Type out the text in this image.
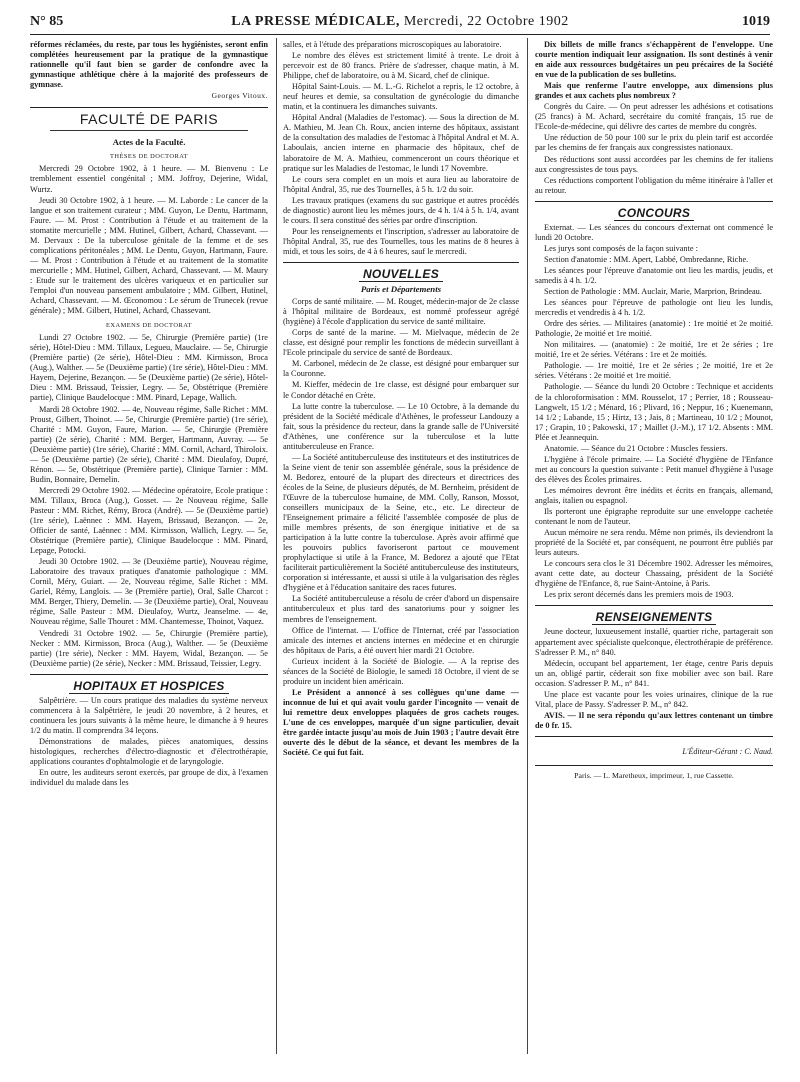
N° 85	LA PRESSE MÉDICALE, Mercredi, 22 Octobre 1902	1019

réformes réclamées, du reste, par tous les hygiénistes, seront enfin complétées heureusement par la pratique de la gymnastique rationnelle qu'il faut bien se garder de confondre avec la gymnastique athlétique chère à la majorité des professeurs de gymnase.

Georges Vitoux.
FACULTÉ DE PARIS
Actes de la Faculté.
THÈSES DE DOCTORAT

Mercredi 29 Octobre 1902, à 1 heure. — M. Bienvenu : Le tremblement essentiel congénital ; MM. Joffroy, Dejerine, Widal, Wurtz.

Jeudi 30 Octobre 1902, à 1 heure. — M. Laborde : Le cancer de la langue et son traitement curateur ; MM. Guyon, Le Dentu, Hartmann, Faure. — M. Prost : Contribution à l'étude et au traitement de la stomatite mercurielle ; MM. Hutinel, Gilbert, Achard, Chassevant. — M. Dervaux : De la tuberculose génitale de la femme et de ses complications péritonéales ; MM. Le Dentu, Guyon, Hartmann, Faure. — M. Prost : Contribution à l'étude et au traitement de la stomatite mercurielle ; MM. Hutinel, Gilbert, Achard, Chassevant. — M. Maury : Etude sur le traitement des ulcères variqueux et en particulier sur l'emploi d'un nouveau pansement ambulatoire ; MM. Gilbert, Hutinel, Achard, Chassevant. — M. Œconomou : Le sérum de Trunecek (revue générale) ; MM. Gilbert, Hutinel, Achard, Chassevant.

EXAMENS DE DOCTORAT

Lundi 27 Octobre 1902. — 5e, Chirurgie (Première partie) (1re série), Hôtel-Dieu : MM. Tillaux, Legueu, Mauclaire. — 5e, Chirurgie (Première partie) (2e série), Hôtel-Dieu : MM. Kirmisson, Broca (Aug.), Walther. — 5e (Deuxième partie) (1re série), Hôtel-Dieu : MM. Hayem, Dejerine, Bezançon. — 5e (Deuxième partie) (2e série), Hôtel-Dieu : MM. Brissaud, Teissier, Legry. — 5e, Obstétrique (Première partie), Clinique Baudelocque : MM. Pinard, Lepage, Wallich.

Mardi 28 Octobre 1902. — 4e, Nouveau régime, Salle Richet : MM. Proust, Gilbert, Thoinot. — 5e, Chirurgie (Première partie) (1re série), Charité : MM. Guyon, Faure, Marion. — 5e, Chirurgie (Première partie) (2e série), Charité : MM. Berger, Hartmann, Auvray. — 5e (Deuxième partie) (1re série), Charité : MM. Cornil, Achard, Thiroloix. — 5e (Deuxième partie) (2e série), Charité : MM. Dieulafoy, Dupré, Rénon. — 5e, Obstétrique (Première partie), Clinique Tarnier : MM. Budin, Bonnaire, Demelin.

Mercredi 29 Octobre 1902. — Médecine opératoire, Ecole pratique : MM. Tillaux, Broca (Aug.), Gosset. — 2e Nouveau régime, Salle Pasteur : MM. Richet, Rémy, Broca (André). — 5e (Deuxième partie) (1re série), Laënnec : MM. Hayem, Brissaud, Bezançon. — 2e, Officier de santé, Laënnec : MM. Kirmisson, Wallich, Legry. — 5e, Obstétrique (Première partie), Clinique Baudelocque : MM. Pinard, Lepage, Potocki.

Jeudi 30 Octobre 1902. — 3e (Deuxième partie), Nouveau régime, Laboratoire des travaux pratiques d'anatomie pathologique : MM. Cornil, Méry, Guiart. — 2e, Nouveau régime, Salle Richet : MM. Gariel, Rémy, Langlois. — 3e (Première partie), Oral, Salle Charcot : MM. Berger, Thiery, Demelin. — 3e (Deuxième partie), Oral, Nouveau régime, Salle Pasteur : MM. Dieulafoy, Wurtz, Jeanselme. — 4e, Nouveau régime, Salle Thouret : MM. Chantemesse, Thoinot, Vaquez.

Vendredi 31 Octobre 1902. — 5e, Chirurgie (Première partie), Necker : MM. Kirmisson, Broca (Aug.), Walther. — 5e (Deuxième partie) (1re série), Necker : MM. Hayem, Widal, Bezançon. — 5e (Deuxième partie) (2e série), Necker : MM. Brissaud, Teissier, Legry.

HOPITAUX ET HOSPICES

Salpêtrière. — Un cours pratique des maladies du système nerveux commencera à la Salpêtrière, le jeudi 20 novembre, à 2 heures, et continuera les jours suivants à la même heure, le dimanche à 9 heures 1/2 du matin. Il comprendra 34 leçons.

Démonstrations de malades, pièces anatomiques, dessins histologiques, recherches d'électro-diagnostic et d'électrothérapie, applications courantes d'ophtalmologie et de laryngologie.

En outre, les auditeurs seront exercés, par groupe de dix, à l'examen individuel du malade dans les

salles, et à l'étude des préparations microscopiques au laboratoire.

Le nombre des élèves est strictement limité à trente. Le droit à percevoir est de 80 francs. Prière de s'adresser, chaque matin, à M. Philippe, chef de laboratoire, ou à M. Sicard, chef de clinique.

Hôpital Saint-Louis. — M. L.-G. Richelot a repris, le 12 octobre, à neuf heures et demie, sa consultation de gynécologie du dimanche matin, et la continuera les dimanches suivants.

Hôpital Andral (Maladies de l'estomac). — Sous la direction de M. A. Mathieu, M. Jean Ch. Roux, ancien interne des hôpitaux, assistant de la consultation des maladies de l'estomac à l'hôpital Andral et M. A. Laboulais, ancien interne en pharmacie des hôpitaux, chef de laboratoire de M. A. Mathieu, commenceront un cours théorique et pratique sur les Maladies de l'estomac, le lundi 17 Novembre.

Le cours sera complet en un mois et aura lieu au laboratoire de l'hôpital Andral, 35, rue des Tournelles, à 5 h. 1/2 du soir.

Les travaux pratiques (examens du suc gastrique et autres procédés de diagnostic) auront lieu les mêmes jours, de 4 h. 1/4 à 5 h. 1/4, avant le cours. Il sera constitué des séries par ordre d'inscription.

Pour les renseignements et l'inscription, s'adresser au laboratoire de l'hôpital Andral, 35, rue des Tournelles, tous les matins de 8 heures à midi, et tous les soirs, de 4 à 6 heures, sauf le mercredi.

NOUVELLES
Paris et Départements

Corps de santé militaire. — M. Rouget, médecin-major de 2e classe à l'hôpital militaire de Bordeaux, est nommé professeur agrégé (hygiène) à l'école d'application du service de santé militaire.

Corps de santé de la marine. — M. Mielvaque, médecin de 2e classe, est désigné pour remplir les fonctions de médecin surveillant à l'Ecole principale du service de santé de Bordeaux.

M. Carbonel, médecin de 2e classe, est désigné pour embarquer sur la Couronne.

M. Kieffer, médecin de 1re classe, est désigné pour embarquer sur le Condor détaché en Crète.

La lutte contre la tuberculose. — Le 10 Octobre, à la demande du président de la Société médicale d'Athènes, le professeur Landouzy a fait, sous la présidence du recteur, dans la grande salle de l'Université d'Athènes, une conférence sur la tuberculose et la lutte antituberculeuse en France.

— La Société antituberculeuse des instituteurs et des institutrices de la Seine vient de tenir son assemblée générale, sous la présidence de M. Bedorez, entouré de la plupart des directeurs et directrices des écoles de la Seine, de plusieurs députés, de M. Bernheim, président de l'Œuvre de la tuberculose humaine, de MM. Colly, Ranson, Mossot, conseillers municipaux de la Seine, etc., etc. Le directeur de l'Enseignement primaire a félicité l'assemblée composée de plus de mille membres présents, de son énergique initiative et de sa participation à la lutte contre la tuberculose. Après avoir affirmé que les pouvoirs publics favoriseront partout ce mouvement prophylactique si utile à la France, M. Bedorez a ajouté que l'Etat faciliterait particulièrement la Société antituberculeuse des instituteurs, corporation si intéressante, et aussi si utile à la vulgarisation des règles d'hygiène et à l'éducation sanitaire des races futures.

La Société antituberculeuse a résolu de créer d'abord un dispensaire antituberculeux et plus tard des sanatoriums pour y soigner les membres de l'enseignement.

Office de l'internat. — L'office de l'Internat, créé par l'association amicale des internes et anciens internes en médecine et en chirurgie des hôpitaux de Paris, a été ouvert hier mardi 21 Octobre.

Curieux incident à la Société de Biologie. — A la reprise des séances de la Société de Biologie, le samedi 18 Octobre, il vient de se produire un incident bien américain.

Le Président a annoncé à ses collègues qu'une dame — inconnue de lui et qui avait voulu garder l'incognito — venait de lui remettre deux enveloppes plaquées de gros cachets rouges. L'une de ces enveloppes, marquée d'un signe particulier, devait être gardée intacte jusqu'au mois de Juin 1903 ; l'autre devait être ouverte dès le début de la séance, et devant les membres de la Société. Ce qui fut fait.

Dix billets de mille francs s'échappèrent de l'enveloppe. Une courte mention indiquait leur assignation. Ils sont destinés à venir en aide aux ressources budgétaires un peu précaires de la Société en vue de la publication de ses bulletins.

Mais que renferme l'autre enveloppe, aux dimensions plus grandes et aux cachets plus nombreux ?

Congrès du Caire. — On peut adresser les adhésions et cotisations (25 francs) à M. Achard, secrétaire du comité français, 15 rue de l'Ecole-de-médecine, qui délivre des cartes de membre du congrès.

Une réduction de 50 pour 100 sur le prix du plein tarif est accordée par les chemins de fer français aux congressistes nationaux.

Des réductions sont aussi accordées par les chemins de fer italiens aux congressistes de tous pays.

Ces réductions comportent l'obligation du même itinéraire à l'aller et au retour.

CONCOURS

Externat. — Les séances du concours d'externat ont commencé le lundi 20 Octobre.

Les jurys sont composés de la façon suivante :

Section d'anatomie : MM. Apert, Labbé, Ombredanne, Riche.

Les séances pour l'épreuve d'anatomie ont lieu les mardis, jeudis, et samedis à 4 h. 1/2.

Section de Pathologie : MM. Auclair, Marie, Marprion, Brindeau.

Les séances pour l'épreuve de pathologie ont lieu les lundis, mercredis et vendredis à 4 h. 1/2.

Ordre des séries. — Militaires (anatomie) : 1re moitié et 2e moitié. Pathologie, 2e moitié et 1re moitié.

Non militaires. — (anatomie) : 2e moitié, 1re et 2e séries ; 1re moitié, 1re et 2e séries. Vétérans : 1re et 2e moitiés.

Pathologie. — 1re moitié, 1re et 2e séries ; 2e moitié, 1re et 2e séries. Vétérans : 2e moitié et 1re moitié.

Pathologie. — Séance du lundi 20 Octobre : Technique et accidents de la chloroformisation : MM. Rousselot, 17 ; Perrier, 18 ; Rousseau-Langwelt, 15 1/2 ; Ménard, 16 ; Plivard, 16 ; Neppur, 16 ; Kuenemann, 14 1/2 ; Labande, 15 ; Hirtz, 13 ; Jais, 8 ; Martineau, 10 1/2 ; Mounot, 17 ; Grapin, 10 ; Pakowski, 17 ; Maillet (J.-M.), 17 1/2. Absents : MM. Plée et Jeannequin.

Anatomie. — Séance du 21 Octobre : Muscles fessiers.

L'hygiène à l'école primaire. — La Société d'hygiène de l'Enfance met au concours la question suivante : Petit manuel d'hygiène à l'usage des élèves des Écoles primaires.

Les mémoires devront être inédits et écrits en français, allemand, anglais, italien ou espagnol.

Ils porteront une épigraphe reproduite sur une enveloppe cachetée contenant le nom de l'auteur.

Aucun mémoire ne sera rendu. Même non primés, ils deviendront la propriété de la Société et, par conséquent, ne pourront être publiés par leurs auteurs.

Le concours sera clos le 31 Décembre 1902. Adresser les mémoires, avant cette date, au docteur Chassaing, président de la Société d'hygiène de l'Enfance, 8, rue Saint-Antoine, à Paris.

Les prix seront décernés dans les premiers mois de 1903.

RENSEIGNEMENTS

Jeune docteur, luxueusement installé, quartier riche, partagerait son appartement avec spécialiste quelconque, électrothérapie de préférence. S'adresser P. M., n° 840.

Médecin, occupant bel appartement, 1er étage, centre Paris depuis un an, obligé partir, céderait son fixe mobilier avec son bail. Rare occasion. S'adresser P. M., n° 841.

Une place est vacante pour les voies urinaires, clinique de la rue Vital, place de Passy. S'adresser P. M., n° 842.

AVIS. — Il ne sera répondu qu'aux lettres contenant un timbre de 0 fr. 15.

L'Éditeur-Gérant : C. Naud.
Paris. — L. Maretheux, imprimeur, 1, rue Cassette.
